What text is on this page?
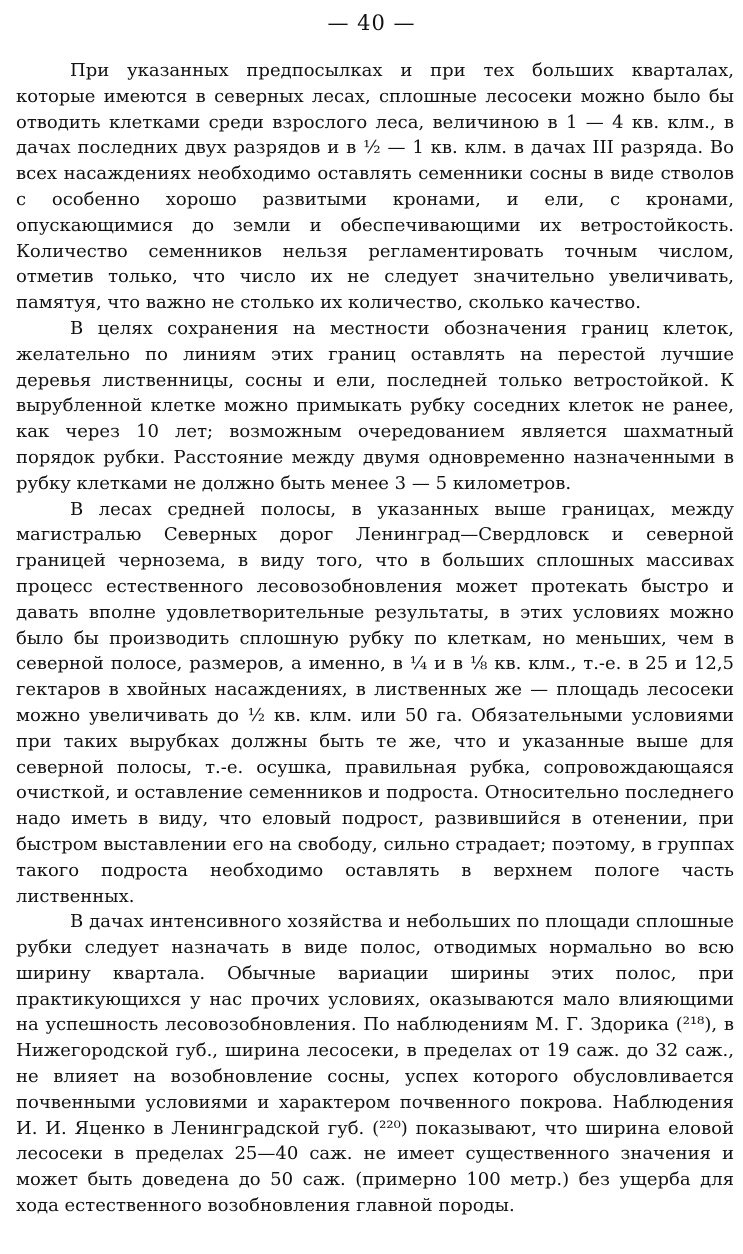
— 40 —

При указанных предпосылках и при тех больших кварталах, которые имеются в северных лесах, сплошные лесосеки можно было бы отводить клетками среди взрослого леса, величиною в 1 — 4 кв. клм., в дачах последних двух разрядов и в ½ — 1 кв. клм. в дачах III разряда. Во всех насаждениях необходимо оставлять семенники сосны в виде стволов с особенно хорошо развитыми кронами, и ели, с кронами, опускающимися до земли и обеспечивающими их ветростойкость. Количество семенников нельзя регламентировать точным числом, отметив только, что число их не следует значительно увеличивать, памятуя, что важно не столько их количество, сколько качество.

В целях сохранения на местности обозначения границ клеток, желательно по линиям этих границ оставлять на перестой лучшие деревья лиственницы, сосны и ели, последней только ветростойкой. К вырубленной клетке можно примыкать рубку соседних клеток не ранее, как через 10 лет; возможным очередованием является шахматный порядок рубки. Расстояние между двумя одновременно назначенными в рубку клетками не должно быть менее 3 — 5 километров.

В лесах средней полосы, в указанных выше границах, между магистралью Северных дорог Ленинград—Свердловск и северной границей чернозема, в виду того, что в больших сплошных массивах процесс естественного лесовозобновления может протекать быстро и давать вполне удовлетворительные результаты, в этих условиях можно было бы производить сплошную рубку по клеткам, но меньших, чем в северной полосе, размеров, а именно, в ¼ и в ⅛ кв. клм., т.-е. в 25 и 12,5 гектаров в хвойных насаждениях, в лиственных же — площадь лесосеки можно увеличивать до ½ кв. клм. или 50 га. Обязательными условиями при таких вырубках должны быть те же, что и указанные выше для северной полосы, т.-е. осушка, правильная рубка, сопровождающаяся очисткой, и оставление семенников и подроста. Относительно последнего надо иметь в виду, что еловый подрост, развившийся в отенении, при быстром выставлении его на свободу, сильно страдает; поэтому, в группах такого подроста необходимо оставлять в верхнем пологе часть лиственных.

В дачах интенсивного хозяйства и небольших по площади сплошные рубки следует назначать в виде полос, отводимых нормально во всю ширину квартала. Обычные вариации ширины этих полос, при практикующихся у нас прочих условиях, оказываются мало влияющими на успешность лесовозобновления. По наблюдениям М. Г. Здорика (²¹⁸), в Нижегородской губ., ширина лесосеки, в пределах от 19 саж. до 32 саж., не влияет на возобновление сосны, успех которого обусловливается почвенными условиями и характером почвенного покрова. Наблюдения И. И. Яценко в Ленинградской губ. (²²⁰) показывают, что ширина еловой лесосеки в пределах 25—40 саж. не имеет существенного значения и может быть доведена до 50 саж. (примерно 100 метр.) без ущерба для хода естественного возобновления главной породы.
